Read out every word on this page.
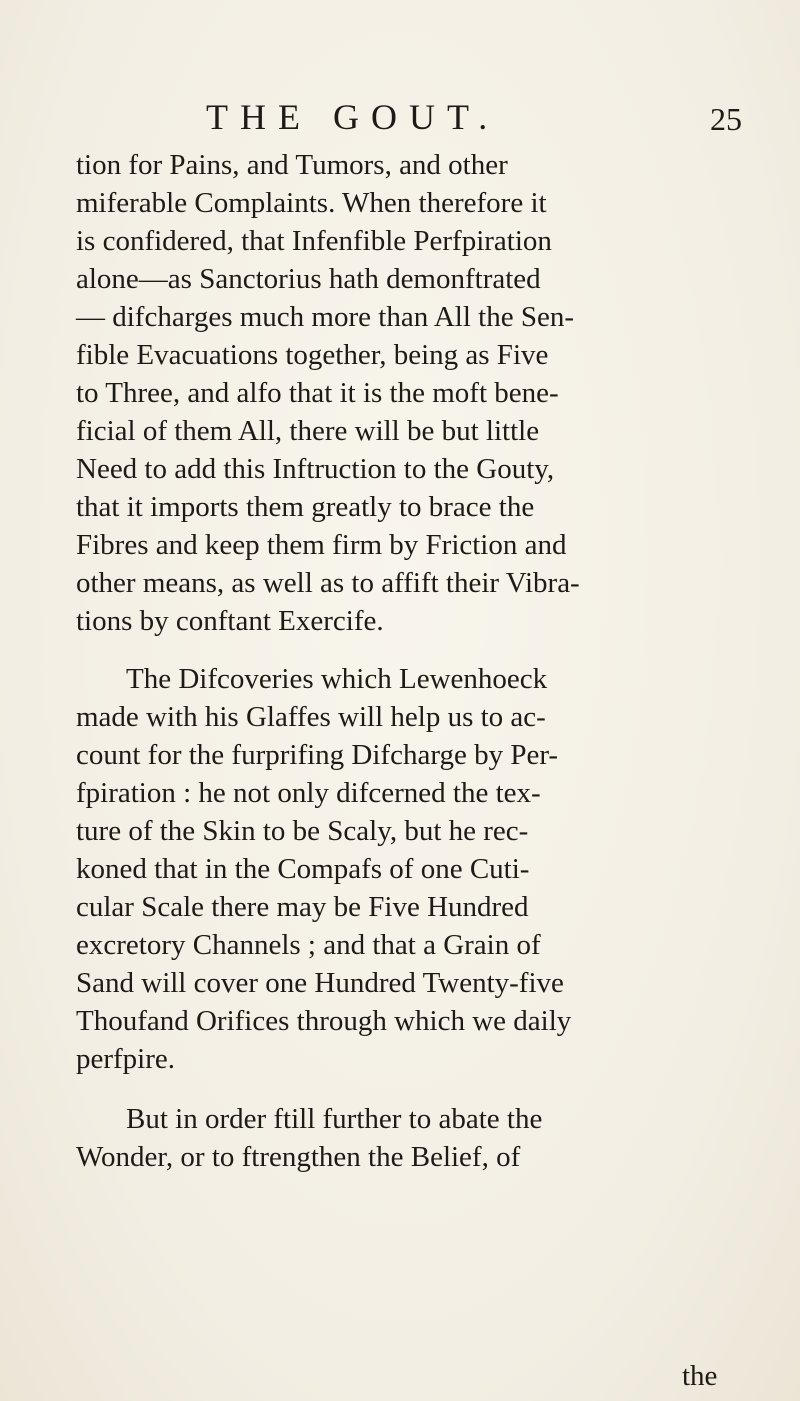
THE GOUT.	25
tion for Pains, and Tumors, and other
miferable Complaints. When therefore it
is confidered, that Infenfible Perfpiration
alone—as Sanctorius hath demonftrated
— difcharges much more than All the Sen-
fible Evacuations together, being as Five
to Three, and alfo that it is the moft bene-
ficial of them All, there will be but little
Need to add this Inftruction to the Gouty,
that it imports them greatly to brace the
Fibres and keep them firm by Friction and
other means, as well as to affift their Vibra-
tions by conftant Exercife.
The Difcoveries which Lewenhoeck
made with his Glaffes will help us to ac-
count for the furprifing Difcharge by Per-
fpiration : he not only difcerned the tex-
ture of the Skin to be Scaly, but he rec-
koned that in the Compafs of one Cuti-
cular Scale there may be Five Hundred
excretory Channels ; and that a Grain of
Sand will cover one Hundred Twenty-five
Thoufand Orifices through which we daily
perfpire.
But in order ftill further to abate the
Wonder, or to ftrengthen the Belief, of
the
